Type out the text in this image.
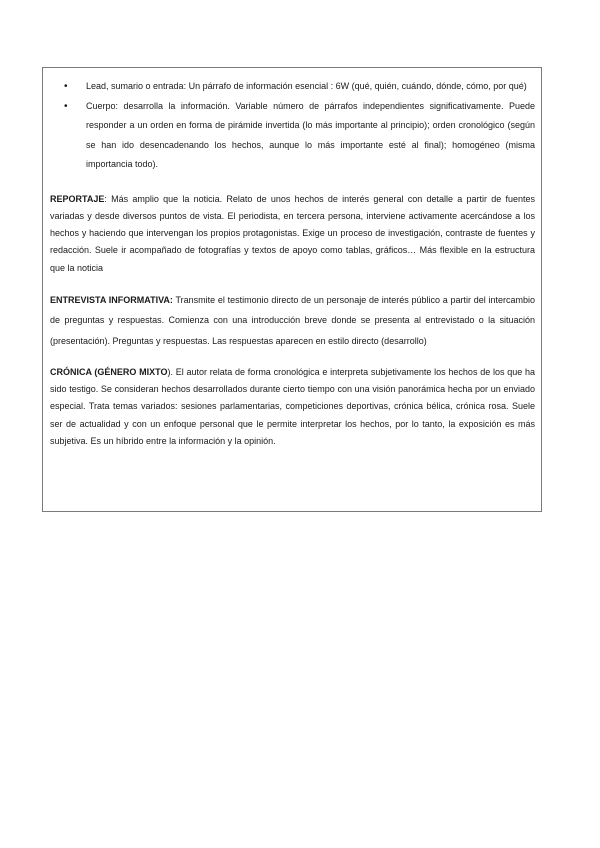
• Lead, sumario o entrada: Un párrafo de información esencial : 6W (qué, quién, cuándo, dónde, cómo, por qué)
• Cuerpo: desarrolla la información. Variable número de párrafos independientes significativamente. Puede responder a un orden en forma de pirámide invertida (lo más importante al principio); orden cronológico (según se han ido desencadenando los hechos, aunque lo más importante esté al final); homogéneo (misma importancia todo).

REPORTAJE: Más amplio que la noticia. Relato de unos hechos de interés general con detalle a partir de fuentes variadas y desde diversos puntos de vista. El periodista, en tercera persona, interviene activamente acercándose a los hechos y haciendo que intervengan los propios protagonistas. Exige un proceso de investigación, contraste de fuentes y redacción. Suele ir acompañado de fotografías y textos de apoyo como tablas, gráficos… Más flexible en la estructura que la noticia

ENTREVISTA INFORMATIVA: Transmite el testimonio directo de un personaje de interés público a partir del intercambio de preguntas y respuestas. Comienza con una introducción breve donde se presenta al entrevistado o la situación (presentación). Preguntas y respuestas. Las respuestas aparecen en estilo directo (desarrollo)

CRÓNICA (GÉNERO MIXTO). El autor relata de forma cronológica e interpreta subjetivamente los hechos de los que ha sido testigo. Se consideran hechos desarrollados durante cierto tiempo con una visión panorámica hecha por un enviado especial. Trata temas variados: sesiones parlamentarias, competiciones deportivas, crónica bélica, crónica rosa. Suele ser de actualidad y con un enfoque personal que le permite interpretar los hechos, por lo tanto, la exposición es más subjetiva. Es un híbrido entre la información y la opinión.
